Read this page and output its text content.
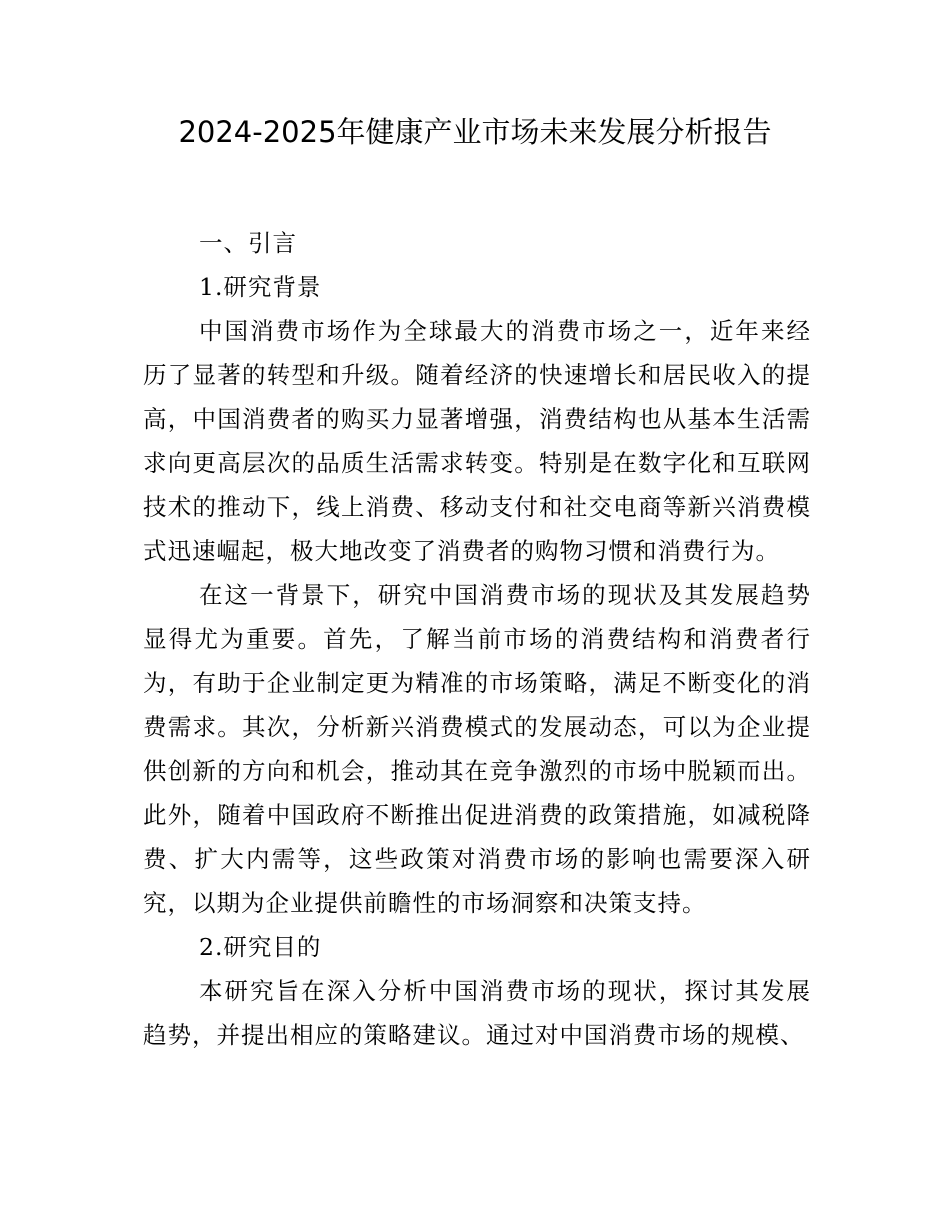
2024-2025年健康产业市场未来发展分析报告

一、引言

1.研究背景

中国消费市场作为全球最大的消费市场之一，近年来经历了显著的转型和升级。随着经济的快速增长和居民收入的提高，中国消费者的购买力显著增强，消费结构也从基本生活需求向更高层次的品质生活需求转变。特别是在数字化和互联网技术的推动下，线上消费、移动支付和社交电商等新兴消费模式迅速崛起，极大地改变了消费者的购物习惯和消费行为。

在这一背景下，研究中国消费市场的现状及其发展趋势显得尤为重要。首先，了解当前市场的消费结构和消费者行为，有助于企业制定更为精准的市场策略，满足不断变化的消费需求。其次，分析新兴消费模式的发展动态，可以为企业提供创新的方向和机会，推动其在竞争激烈的市场中脱颖而出。此外，随着中国政府不断推出促进消费的政策措施，如减税降费、扩大内需等，这些政策对消费市场的影响也需要深入研究，以期为企业提供前瞻性的市场洞察和决策支持。

2.研究目的

本研究旨在深入分析中国消费市场的现状，探讨其发展趋势，并提出相应的策略建议。通过对中国消费市场的规模、
